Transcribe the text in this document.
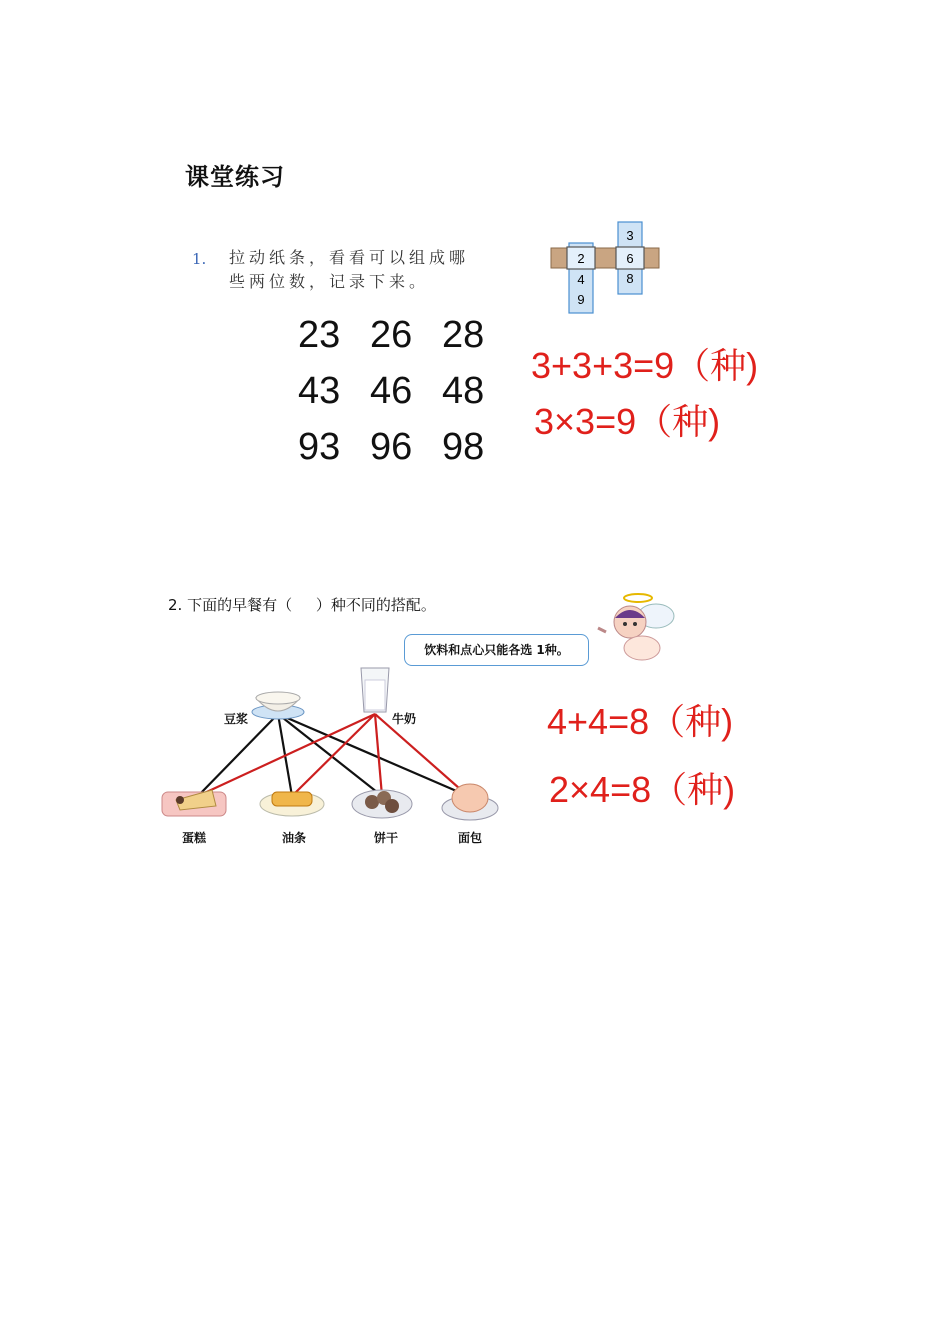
课堂练习
1. 拉动纸条，看看可以组成哪
些两位数，记录下来。
2
4
9
3
6
8
23 26 28
43 46 48
93 96 98
3+3+3=9（种)
3×3=9（种)
2. 下面的早餐有（     ）种不同的搭配。
饮料和点心只能各选 1种。
豆浆	牛奶
蛋糕	油条	饼干	面包
4+4=8（种)
2×4=8（种)
